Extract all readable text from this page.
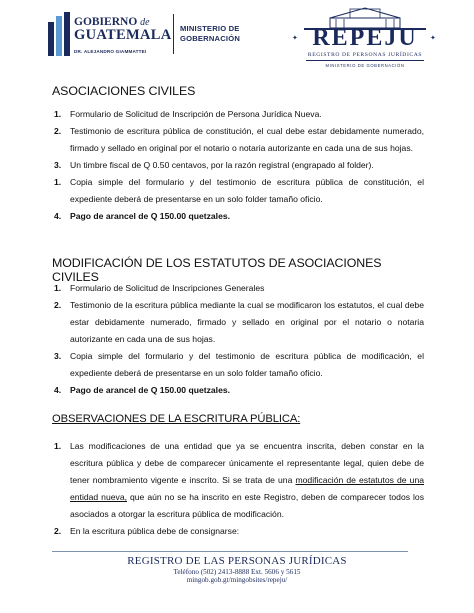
GOBIERNO de
GUATEMALA
DR. ALEJANDRO GIAMMATTEI
MINISTERIO DE
GOBERNACIÓN	REPEJU
REGISTRO DE PERSONAS JURÍDICAS
MINISTERIO DE GOBERNACIÓN
✦	✦
ASOCIACIONES CIVILES
1. Formulario de Solicitud de Inscripción de Persona Jurídica Nueva.
2. Testimonio de escritura pública de constitución, el cual debe estar debidamente numerado, firmado y sellado en original por el notario o notaria autorizante en cada una de sus hojas.
3. Un timbre fiscal de Q 0.50 centavos, por la razón registral (engrapado al folder).
1. Copia simple del formulario y del testimonio de escritura pública de constitución, el expediente deberá de presentarse en un solo folder tamaño oficio.
4. Pago de arancel de Q 150.00 quetzales.
MODIFICACIÓN DE LOS ESTATUTOS DE ASOCIACIONES CIVILES
1. Formulario de Solicitud de Inscripciones Generales
2. Testimonio de la escritura pública mediante la cual se modificaron los estatutos, el cual debe estar debidamente numerado, firmado y sellado en original por el notario o notaria autorizante en cada una de sus hojas.
3. Copia simple del formulario y del testimonio de escritura pública de modificación, el expediente deberá de presentarse en un solo folder tamaño oficio.
4. Pago de arancel de Q 150.00 quetzales.
OBSERVACIONES DE LA ESCRITURA PÚBLICA:
1. Las modificaciones de una entidad que ya se encuentra inscrita, deben constar en la escritura pública y debe de comparecer únicamente el representante legal, quien debe de tener nombramiento vigente e inscrito. Si se trata de una modificación de estatutos de una entidad nueva, que aún no se ha inscrito en este Registro, deben de comparecer todos los asociados a otorgar la escritura pública de modificación.
2. En la escritura pública debe de consignarse:
REGISTRO DE LAS PERSONAS JURÍDICAS
Teléfono (502) 2413-8888 Ext. 5606 y 5615
mingob.gob.gt/mingobsites/repeju/
